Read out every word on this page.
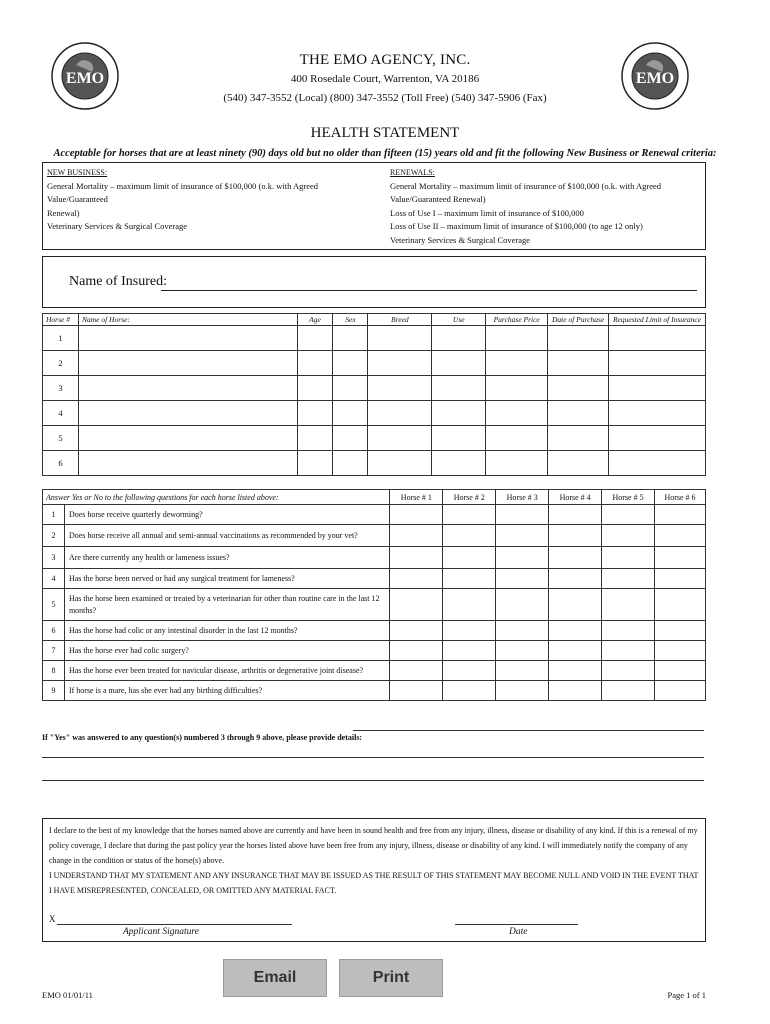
EMO	EMO
THE EMO AGENCY, INC.
400 Rosedale Court, Warrenton, VA 20186
(540) 347-3552 (Local) (800) 347-3552 (Toll Free) (540) 347-5906 (Fax)
HEALTH STATEMENT
Acceptable for horses that are at least ninety (90) days old but no older than fifteen (15) years old and fit the following New Business or Renewal criteria:
NEW BUSINESS:
General Mortality – maximum limit of insurance of $100,000 (o.k. with Agreed Value/Guaranteed
Renewal)
Veterinary Services & Surgical Coverage
RENEWALS:
General Mortality – maximum limit of insurance of $100,000 (o.k. with Agreed
Value/Guaranteed Renewal)
Loss of Use I – maximum limit of insurance of $100,000
Loss of Use II – maximum limit of insurance of $100,000 (to age 12 only)
Veterinary Services & Surgical Coverage
Name of Insured:
Horse #	Name of Horse:	Age	Sex	Breed	Use	Purchase Price	Date of Purchase	Requested Limit of Insurance
1								
2								
3								
4								
5								
6								
Answer Yes or No to the following questions for each horse listed above:		Horse # 1	Horse # 2	Horse # 3	Horse # 4	Horse # 5	Horse # 6
1	Does horse receive quarterly deworming?						
2	Does horse receive all annual and semi-annual vaccinations as recommended by your vet?						
3	Are there currently any health or lameness issues?						
4	Has the horse been nerved or had any surgical treatment for lameness?						
5	Has the horse been examined or treated by a veterinarian for other than routine care in the last 12 months?						
6	Has the horse had colic or any intestinal disorder in the last 12 months?						
7	Has the horse ever had colic surgery?						
8	Has the horse ever been treated for navicular disease, arthritis or degenerative joint disease?						
9	If horse is a mare, has she ever had any birthing difficulties?						
If "Yes" was answered to any question(s) numbered 3 through 9 above, please provide details:
I declare to the best of my knowledge that the horses named above are currently and have been in sound health and free from any injury, illness, disease or disability of any kind. If this is a renewal of my policy coverage, I declare that during the past policy year the horses listed above have been free from any injury, illness, disease or disability of any kind. I will immediately notify the company of any change in the condition or status of the horse(s) above.
I UNDERSTAND THAT MY STATEMENT AND ANY INSURANCE THAT MAY BE ISSUED AS THE RESULT OF THIS STATEMENT MAY BECOME NULL AND VOID IN THE EVENT THAT I HAVE MISREPRESENTED, CONCEALED, OR OMITTED ANY MATERIAL FACT.
X
Applicant Signature	Date
Email	Print
EMO 01/01/11	Page 1 of 1
